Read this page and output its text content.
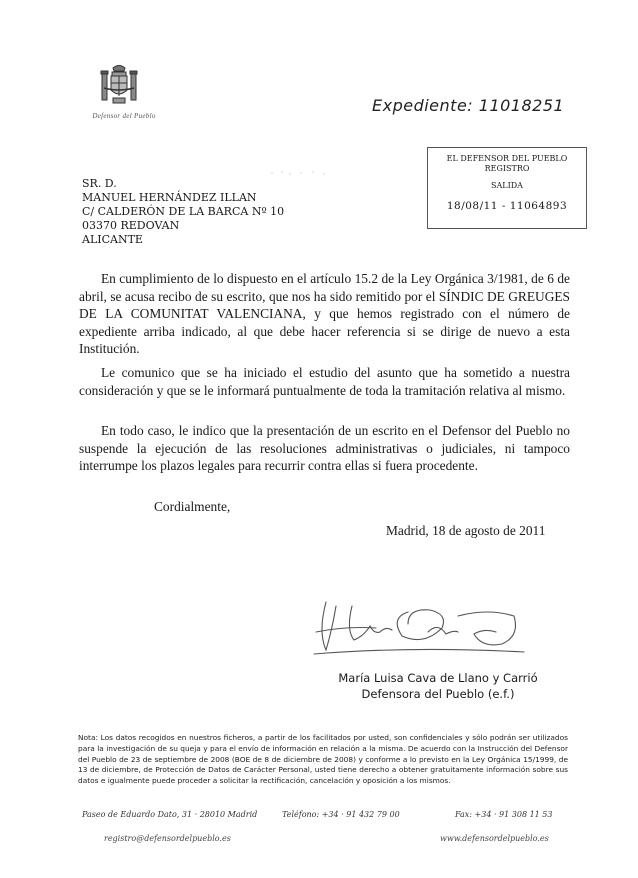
Defensor del Pueblo
Expediente: 11018251
EL DEFENSOR DEL PUEBLO
REGISTRO
SALIDA
18/08/11 - 11064893
SR. D.
MANUEL HERNÁNDEZ ILLAN
C/ CALDERÓN DE LA BARCA Nº 10
03370 REDOVAN
ALICANTE
En cumplimiento de lo dispuesto en el artículo 15.2 de la Ley Orgánica 3/1981, de 6 de abril, se acusa recibo de su escrito, que nos ha sido remitido por el SÍNDIC DE GREUGES DE LA COMUNITAT VALENCIANA, y que hemos registrado con el número de expediente arriba indicado, al que debe hacer referencia si se dirige de nuevo a esta Institución.
Le comunico que se ha iniciado el estudio del asunto que ha sometido a nuestra consideración y que se le informará puntualmente de toda la tramitación relativa al mismo.
En todo caso, le indico que la presentación de un escrito en el Defensor del Pueblo no suspende la ejecución de las resoluciones administrativas o judiciales, ni tampoco interrumpe los plazos legales para recurrir contra ellas si fuera procedente.
Cordialmente,
Madrid, 18 de agosto de 2011
María Luisa Cava de Llano y Carrió
Defensora del Pueblo (e.f.)
Nota: Los datos recogidos en nuestros ficheros, a partir de los facilitados por usted, son confidenciales y sólo podrán ser utilizados para la investigación de su queja y para el envío de información en relación a la misma. De acuerdo con la Instrucción del Defensor del Pueblo de 23 de septiembre de 2008 (BOE de 8 de diciembre de 2008) y conforme a lo previsto en la Ley Orgánica 15/1999, de 13 de diciembre, de Protección de Datos de Carácter Personal, usted tiene derecho a obtener gratuitamente información sobre sus datos e igualmente puede proceder a solicitar la rectificación, cancelación y oposición a los mismos.
Paseo de Eduardo Dato, 31 · 28010 Madrid	Teléfono: +34 · 91 432 79 00	Fax: +34 · 91 308 11 53
registro@defensordelpueblo.es	www.defensordelpueblo.es
